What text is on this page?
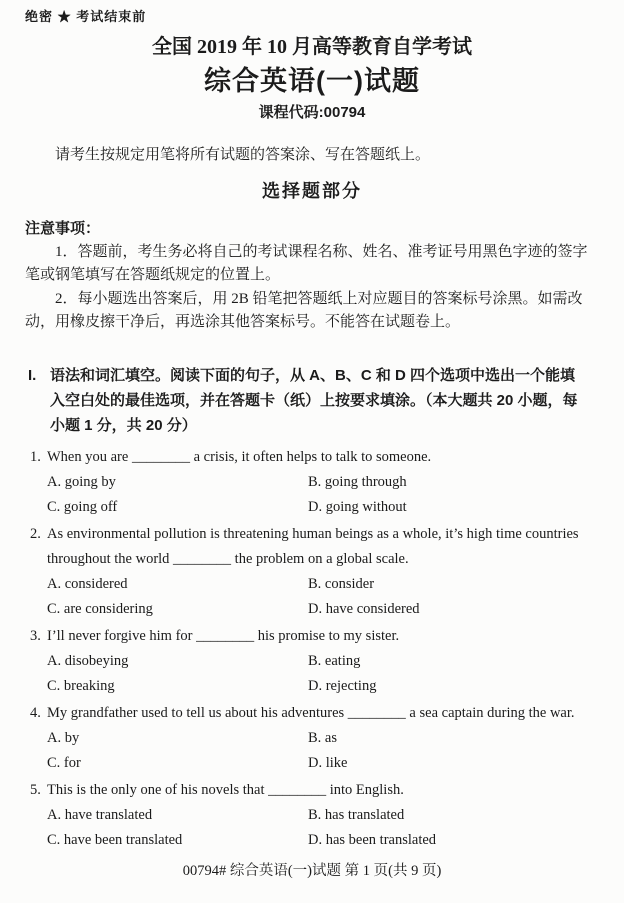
绝密 ★ 考试结束前
全国 2019 年 10 月高等教育自学考试
综合英语(一)试题
课程代码:00794
请考生按规定用笔将所有试题的答案涂、写在答题纸上。
选择题部分
注意事项：

1．答题前，考生务必将自己的考试课程名称、姓名、准考证号用黑色字迹的签字笔或钢笔填写在答题纸规定的位置上。

2．每小题选出答案后，用 2B 铅笔把答题纸上对应题目的答案标号涂黑。如需改动，用橡皮擦干净后，再选涂其他答案标号。不能答在试题卷上。

I. 语法和词汇填空。阅读下面的句子，从 A、B、C 和 D 四个选项中选出一个能填入空白处的最佳选项，并在答题卡（纸）上按要求填涂。（本大题共 20 小题，每小题 1 分，共 20 分）
1. When you are ________ a crisis, it often helps to talk to someone.
A. going by	B. going through
C. going off	D. going without
2. As environmental pollution is threatening human beings as a whole, it’s high time countries throughout the world ________ the problem on a global scale.
A. considered	B. consider
C. are considering	D. have considered
3. I’ll never forgive him for ________ his promise to my sister.
A. disobeying	B. eating
C. breaking	D. rejecting
4. My grandfather used to tell us about his adventures ________ a sea captain during the war.
A. by	B. as
C. for	D. like
5. This is the only one of his novels that ________ into English.
A. have translated	B. has translated
C. have been translated	D. has been translated
00794# 综合英语(一)试题 第 1 页(共 9 页)
